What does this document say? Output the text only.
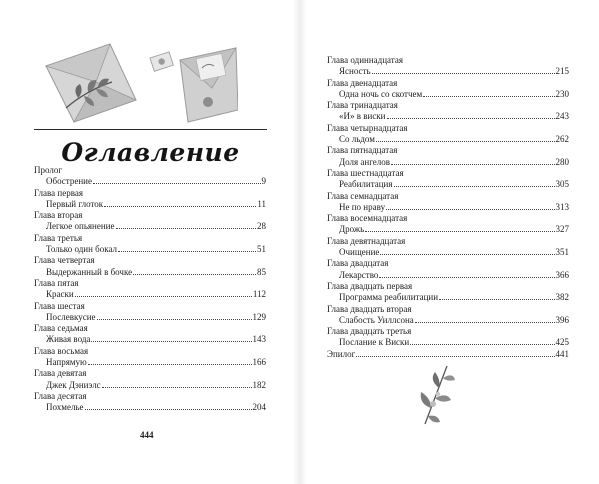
Оглавление
Пролог
Обострение	9
Глава первая
Первый глоток	11
Глава вторая
Легкое опьянение	28
Глава третья
Только один бокал	51
Глава четвертая
Выдержанный в бочке	85
Глава пятая
Краски	112
Глава шестая
Послевкусие	129
Глава седьмая
Живая вода	143
Глава восьмая
Напрямую	166
Глава девятая
Джек Дэниэлс	182
Глава десятая
Похмелье	204
444
Глава одиннадцатая
Ясность	215
Глава двенадцатая
Одна ночь со скотчем	230
Глава тринадцатая
«И» в виски	243
Глава четырнадцатая
Со льдом	262
Глава пятнадцатая
Доля ангелов	280
Глава шестнадцатая
Реабилитация	305
Глава семнадцатая
Не по нраву	313
Глава восемнадцатая
Дрожь	327
Глава девятнадцатая
Очищение	351
Глава двадцатая
Лекарство	366
Глава двадцать первая
Программа реабилитации	382
Глава двадцать вторая
Слабость Уиллсона	396
Глава двадцать третья
Послание к Виски	425
Эпилог	441
